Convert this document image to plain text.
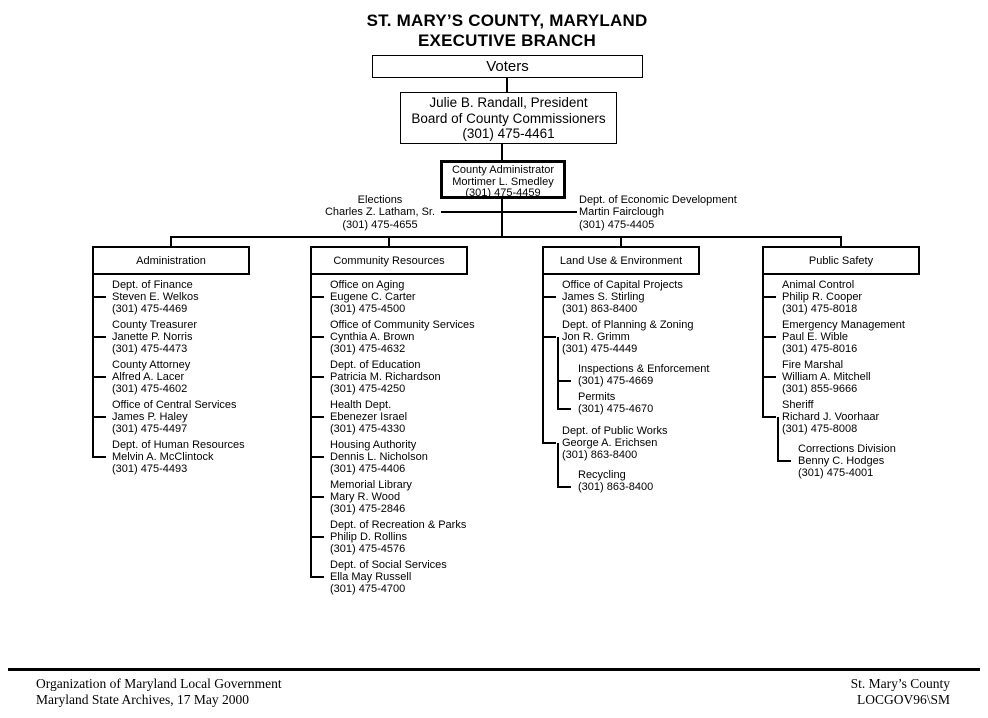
ST. MARY’S COUNTY, MARYLAND
EXECUTIVE BRANCH
Voters
Julie B. Randall, President
Board of County Commissioners
(301) 475-4461
County Administrator
Mortimer L. Smedley
(301) 475-4459
Elections
Charles Z. Latham, Sr.
(301) 475-4655
Dept. of Economic Development
Martin Fairclough
(301) 475-4405
Administration	Community Resources	Land Use & Environment	Public Safety
Dept. of Finance
Steven E. Welkos
(301) 475-4469
County Treasurer
Janette P. Norris
(301) 475-4473
County Attorney
Alfred A. Lacer
(301) 475-4602
Office of Central Services
James P. Haley
(301) 475-4497
Dept. of Human Resources
Melvin A. McClintock
(301) 475-4493
Office on Aging
Eugene C. Carter
(301) 475-4500
Office of Community Services
Cynthia A. Brown
(301) 475-4632
Dept. of Education
Patricia M. Richardson
(301) 475-4250
Health Dept.
Ebenezer Israel
(301) 475-4330
Housing Authority
Dennis L. Nicholson
(301) 475-4406
Memorial Library
Mary R. Wood
(301) 475-2846
Dept. of Recreation & Parks
Philip D. Rollins
(301) 475-4576
Dept. of Social Services
Ella May Russell
(301) 475-4700
Office of Capital Projects
James S. Stirling
(301) 863-8400
Dept. of Planning & Zoning
Jon R. Grimm
(301) 475-4449
Inspections & Enforcement
(301) 475-4669
Permits
(301) 475-4670
Dept. of Public Works
George A. Erichsen
(301) 863-8400
Recycling
(301) 863-8400
Animal Control
Philip R. Cooper
(301) 475-8018
Emergency Management
Paul E. Wible
(301) 475-8016
Fire Marshal
William A. Mitchell
(301) 855-9666
Sheriff
Richard J. Voorhaar
(301) 475-8008
Corrections Division
Benny C. Hodges
(301) 475-4001
Organization of Maryland Local Government
Maryland State Archives, 17 May 2000
St. Mary’s County
LOCGOV96\SM
